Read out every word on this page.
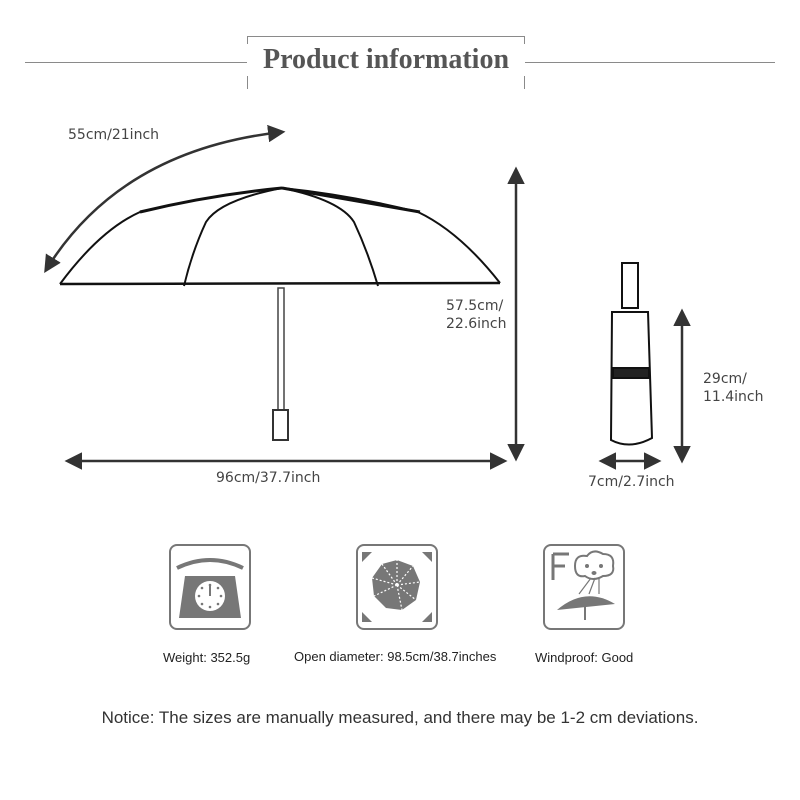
Product information
55cm/21inch
57.5cm/
22.6inch
96cm/37.7inch
29cm/
11.4inch
7cm/2.7inch
Weight: 352.5g	Open diameter: 98.5cm/38.7inches	Windproof: Good
Notice: The sizes are manually measured, and there may be 1-2 cm deviations.
